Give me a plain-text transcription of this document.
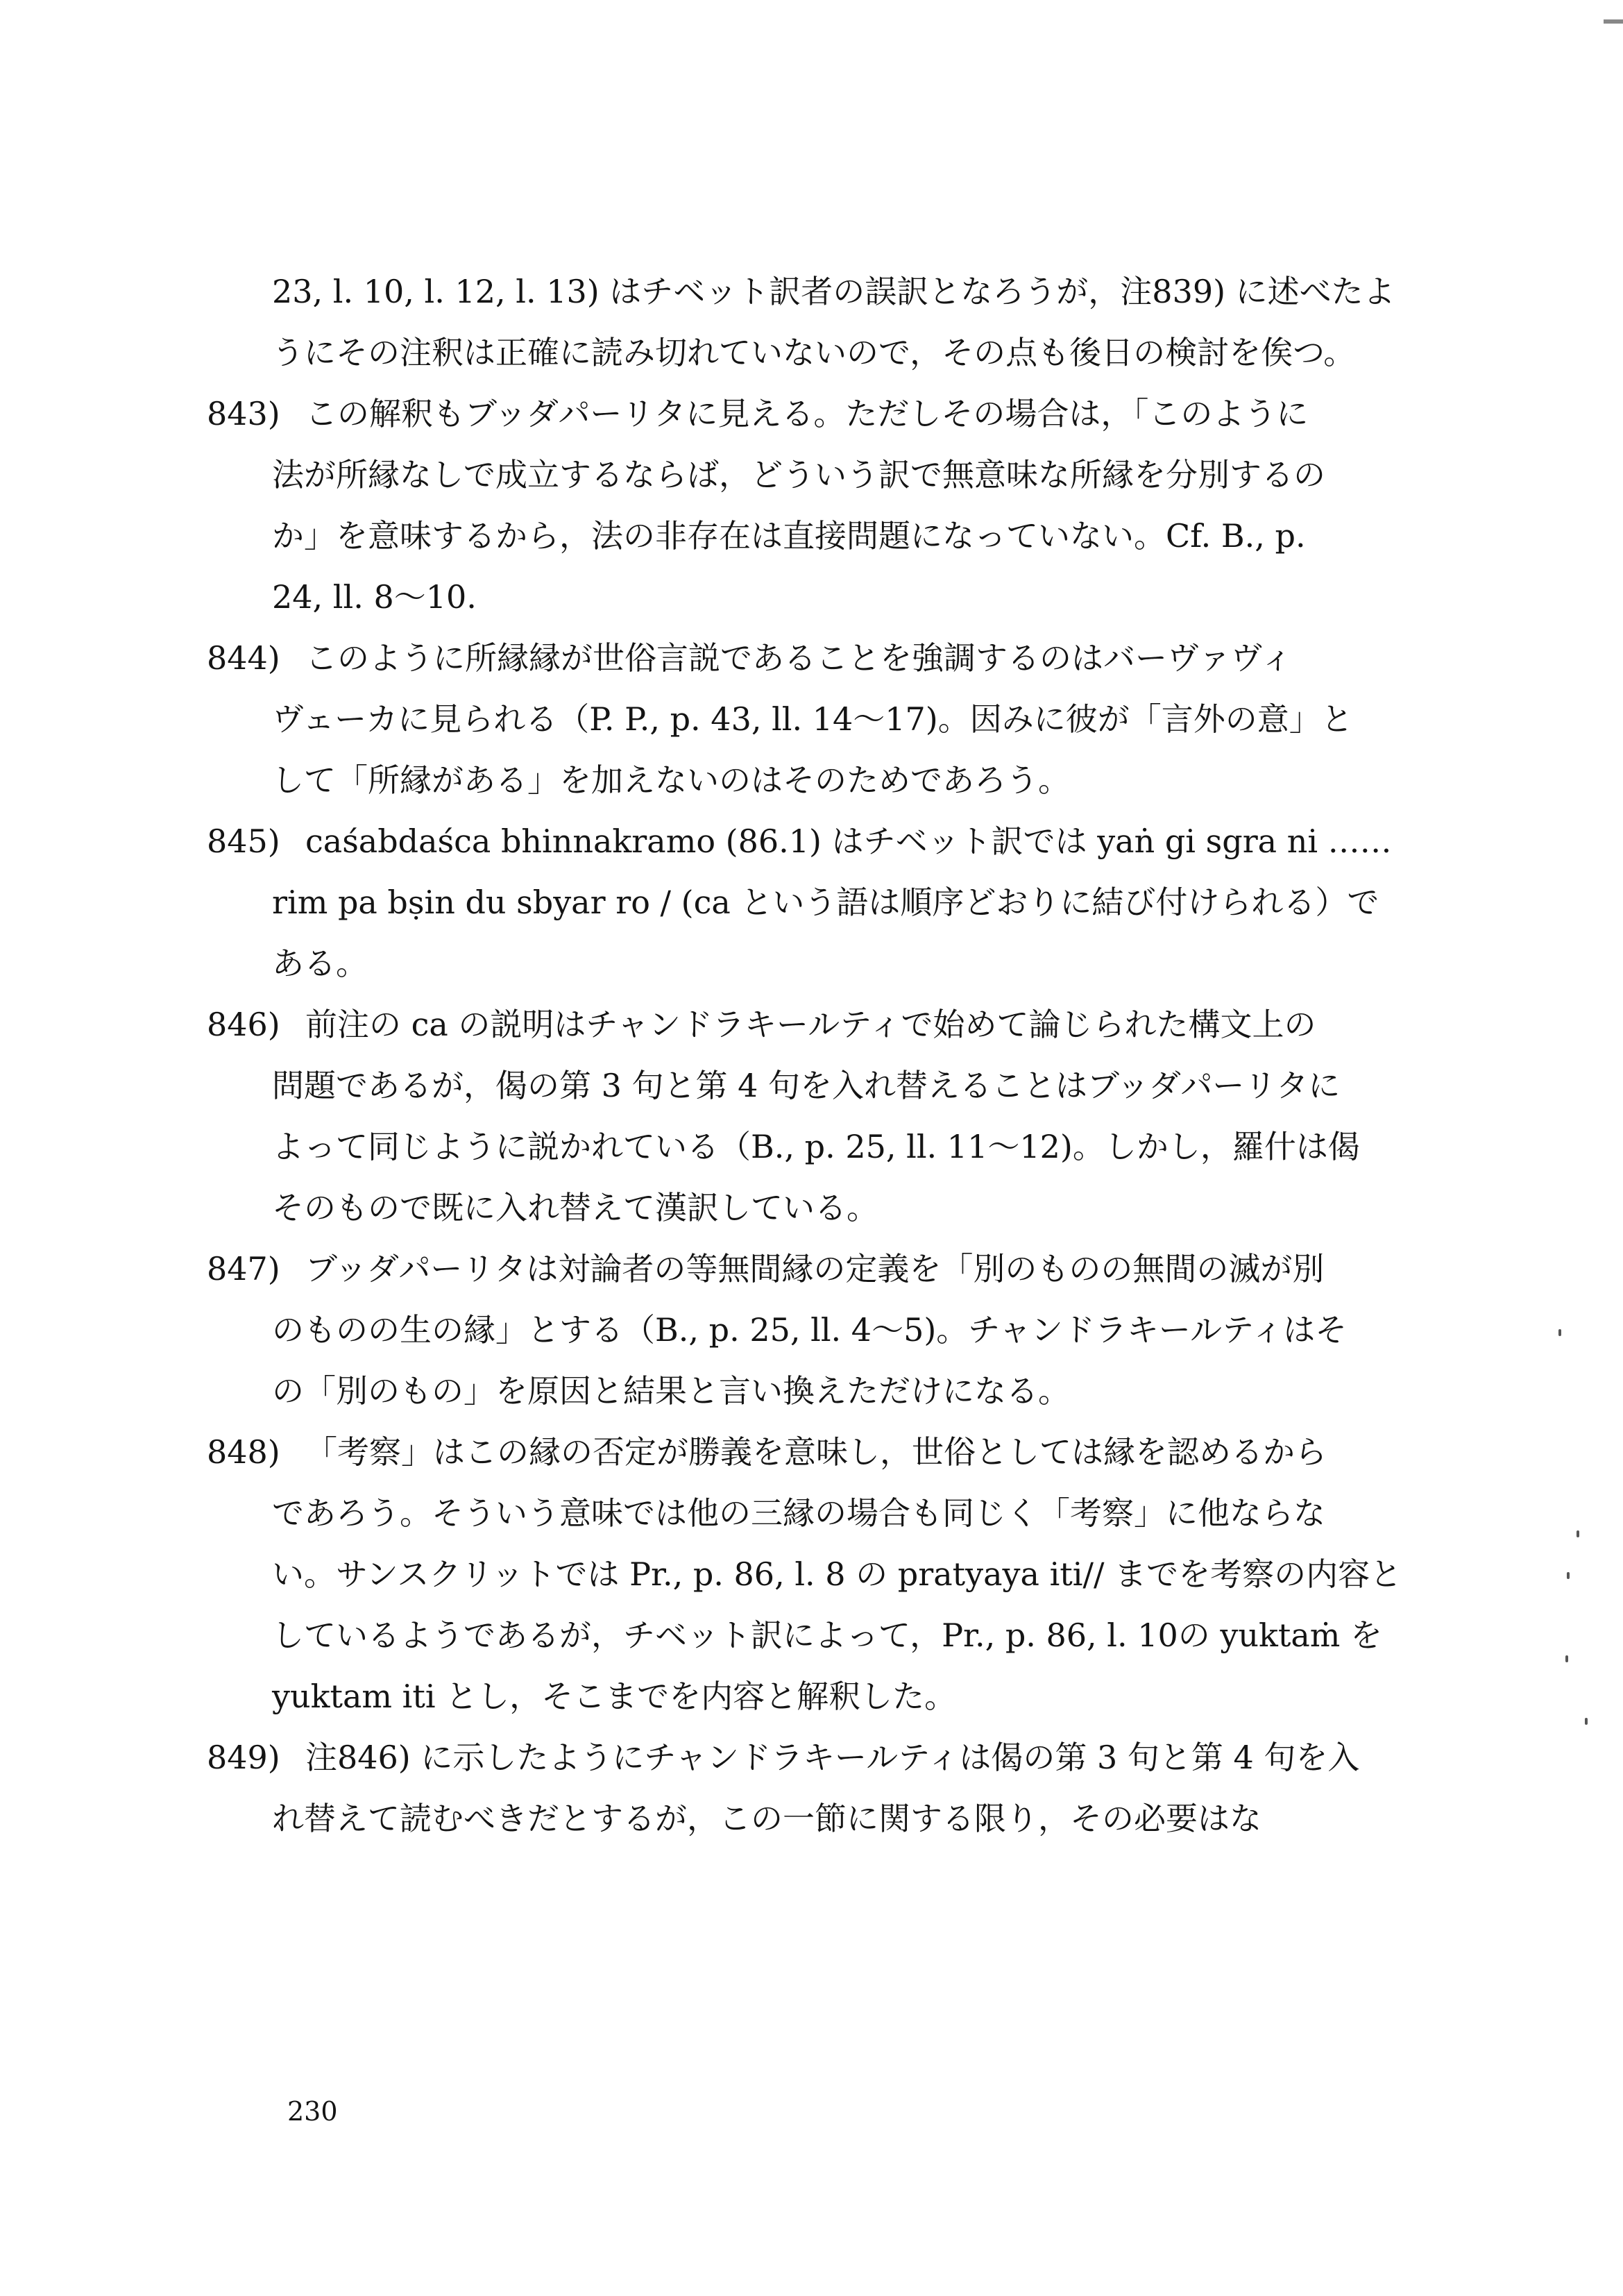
23, l. 10, l. 12, l. 13) はチベット訳者の誤訳となろうが，注839) に述べたよ
うにその注釈は正確に読み切れていないので，その点も後日の検討を俟つ。
843) この解釈もブッダパーリタに見える。ただしその場合は，「このように
法が所縁なしで成立するならば，どういう訳で無意味な所縁を分別するの
か」を意味するから，法の非存在は直接問題になっていない。Cf. B., p.
24, ll. 8～10.
844) このように所縁縁が世俗言説であることを強調するのはバーヴァヴィ
ヴェーカに見られる（P. P., p. 43, ll. 14～17)。因みに彼が「言外の意」と
して「所縁がある」を加えないのはそのためであろう。
845) caśabdaśca bhinnakramo (86.1) はチベット訳では yaṅ gi sgra ni ……
rim pa bṣin du sbyar ro / (ca という語は順序どおりに結び付けられる）で
ある。
846) 前注の ca の説明はチャンドラキールティで始めて論じられた構文上の
問題であるが，偈の第 3 句と第 4 句を入れ替えることはブッダパーリタに
よって同じように説かれている（B., p. 25, ll. 11～12)。しかし，羅什は偈
そのもので既に入れ替えて漢訳している。
847) ブッダパーリタは対論者の等無間縁の定義を「別のものの無間の滅が別
のものの生の縁」とする（B., p. 25, ll. 4～5)。チャンドラキールティはそ
の「別のもの」を原因と結果と言い換えただけになる。
848) 「考察」はこの縁の否定が勝義を意味し，世俗としては縁を認めるから
であろう。そういう意味では他の三縁の場合も同じく「考察」に他ならな
い。サンスクリットでは Pr., p. 86, l. 8 の pratyaya iti// までを考察の内容と
しているようであるが，チベット訳によって，Pr., p. 86, l. 10の yuktaṁ を
yuktam iti とし，そこまでを内容と解釈した。
849) 注846) に示したようにチャンドラキールティは偈の第 3 句と第 4 句を入
れ替えて読むべきだとするが，この一節に関する限り，その必要はな
230
